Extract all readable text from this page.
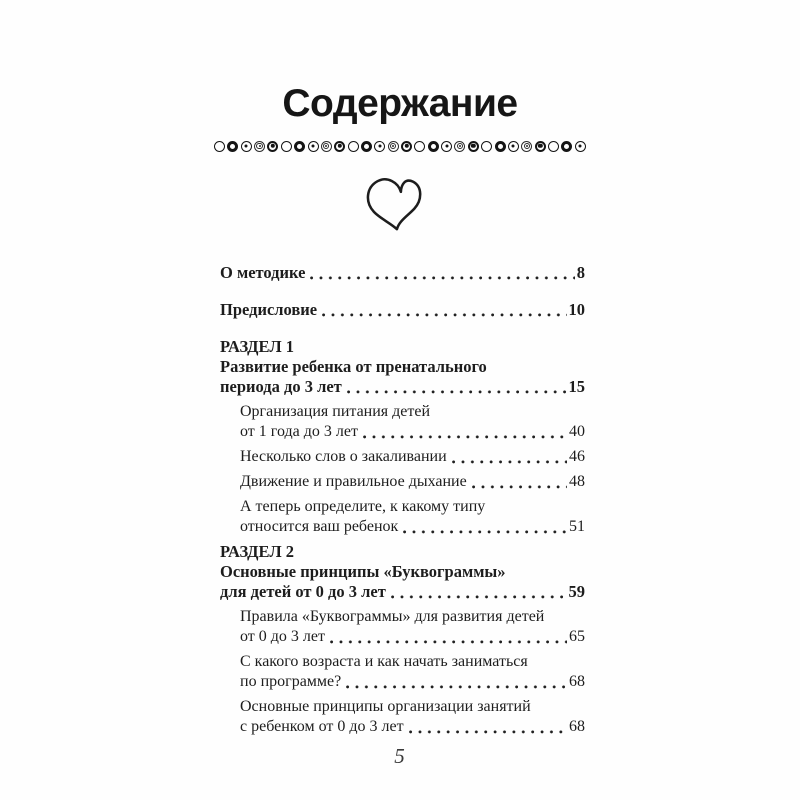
Содержание
О методике	8
Предисловие	10
РАЗДЕЛ 1
Развитие ребенка от пренатального
периода до 3 лет	15
Организация питания детей
от 1 года до 3 лет	40
Несколько слов о закаливании	46
Движение и правильное дыхание	48
А теперь определите, к какому типу
относится ваш ребенок	51
РАЗДЕЛ 2
Основные принципы «Буквограммы»
для детей от 0 до 3 лет	59
Правила «Буквограммы» для развития детей
от 0 до 3 лет	65
С какого возраста и как начать заниматься
по программе?	68
Основные принципы организации занятий
с ребенком от 0 до 3 лет	68
5
